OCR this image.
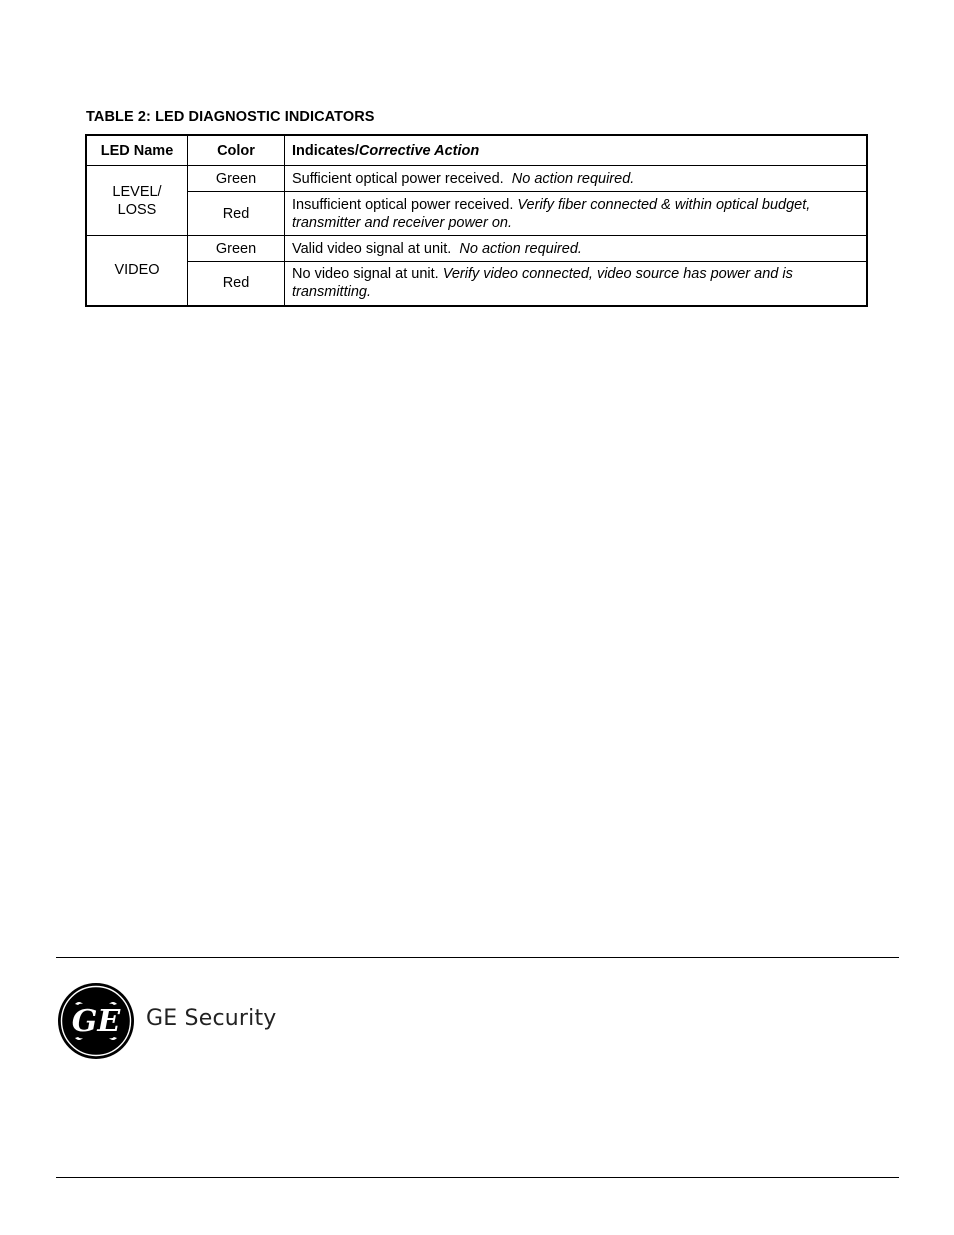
TABLE 2: LED DIAGNOSTIC INDICATORS
LED Name	Color	Indicates/Corrective Action
LEVEL/
LOSS	Green	Sufficient optical power received. No action required.
	Red	Insufficient optical power received. Verify fiber connected & within optical budget, transmitter and receiver power on.
VIDEO	Green	Valid video signal at unit. No action required.
	Red	No video signal at unit. Verify video connected, video source has power and is transmitting.
GE GE Security
